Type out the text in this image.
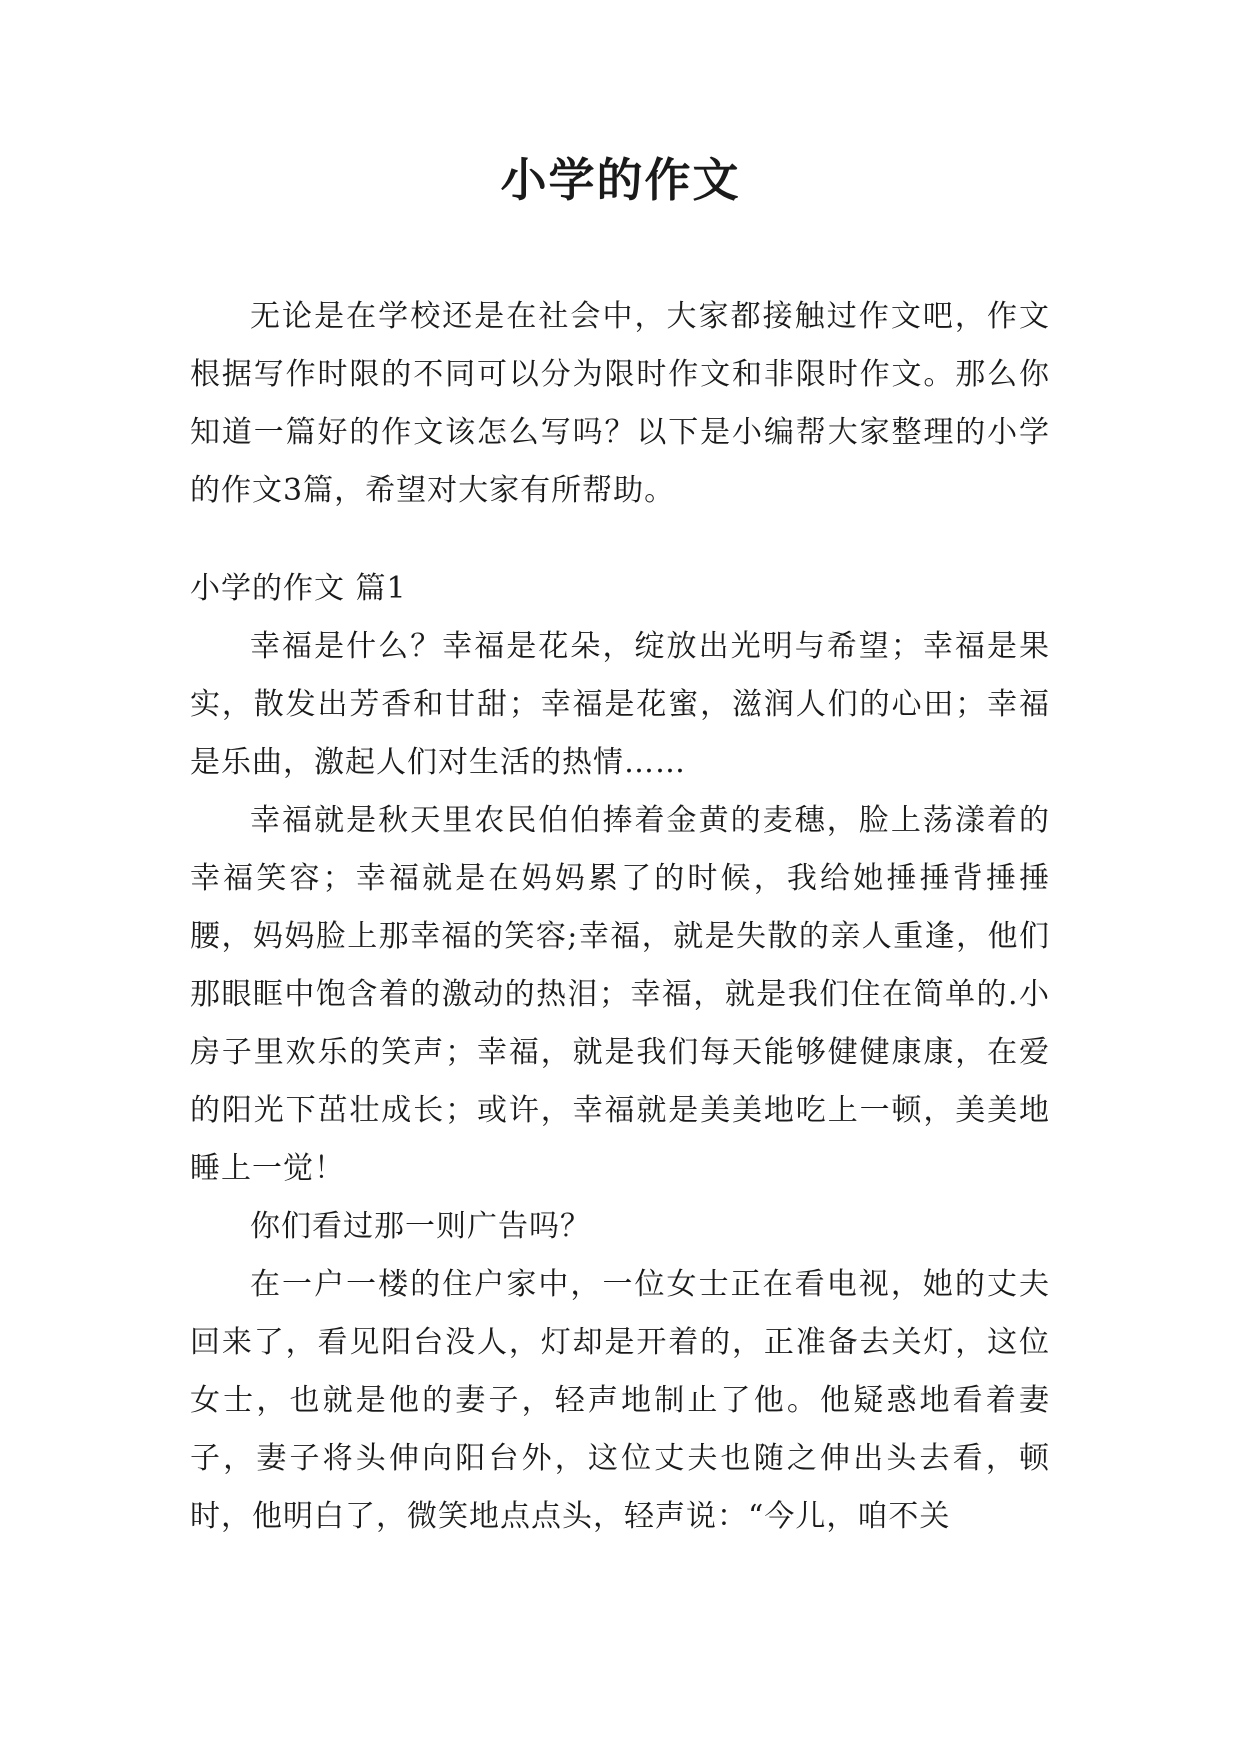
小学的作文

无论是在学校还是在社会中，大家都接触过作文吧，作文根据写作时限的不同可以分为限时作文和非限时作文。那么你知道一篇好的作文该怎么写吗？以下是小编帮大家整理的小学的作文3篇，希望对大家有所帮助。

小学的作文 篇1

幸福是什么？幸福是花朵，绽放出光明与希望；幸福是果实，散发出芳香和甘甜；幸福是花蜜，滋润人们的心田；幸福是乐曲，激起人们对生活的热情……

幸福就是秋天里农民伯伯捧着金黄的麦穗，脸上荡漾着的幸福笑容；幸福就是在妈妈累了的时候，我给她捶捶背捶捶腰，妈妈脸上那幸福的笑容;幸福，就是失散的亲人重逢，他们那眼眶中饱含着的激动的热泪；幸福，就是我们住在简单的.小房子里欢乐的笑声；幸福，就是我们每天能够健健康康，在爱的阳光下茁壮成长；或许，幸福就是美美地吃上一顿，美美地睡上一觉！

你们看过那一则广告吗？

在一户一楼的住户家中，一位女士正在看电视，她的丈夫回来了，看见阳台没人，灯却是开着的，正准备去关灯，这位女士，也就是他的妻子，轻声地制止了他。他疑惑地看着妻子，妻子将头伸向阳台外，这位丈夫也随之伸出头去看，顿时，他明白了，微笑地点点头，轻声说：“今儿，咱不关
